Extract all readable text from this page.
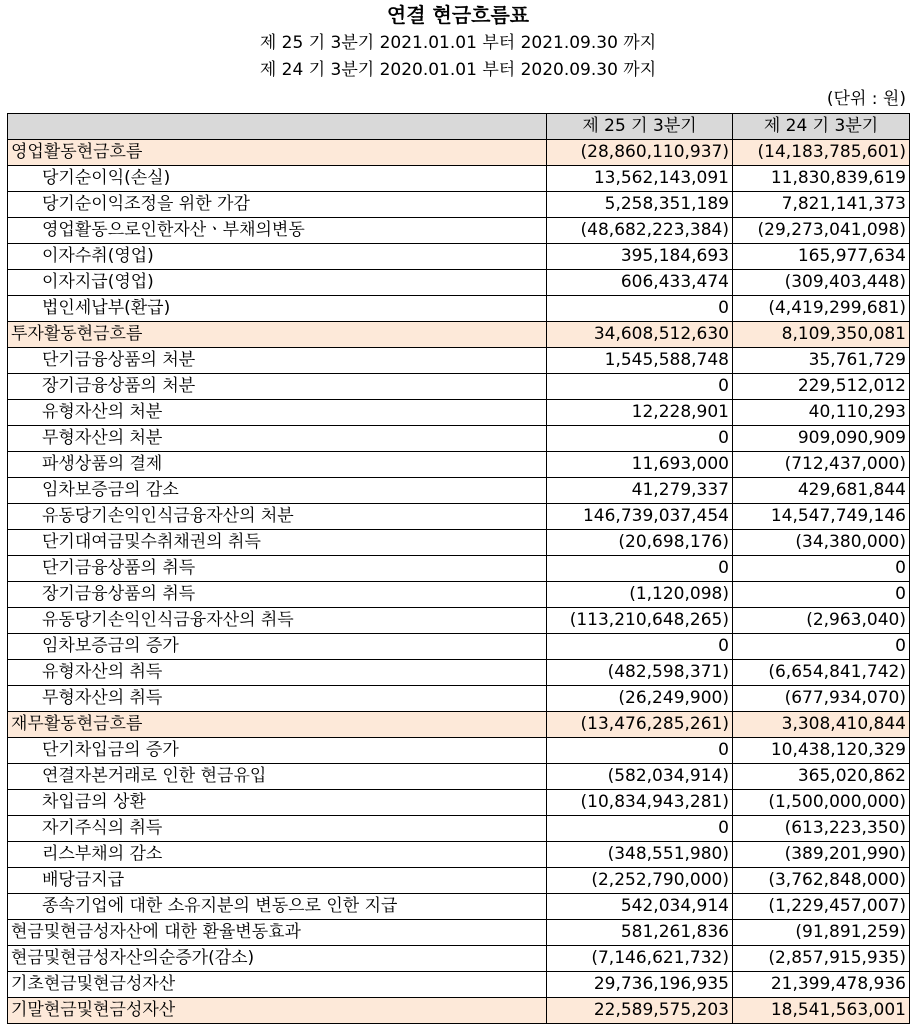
연결 현금흐름표
제 25 기 3분기 2021.01.01 부터 2021.09.30 까지
제 24 기 3분기 2020.01.01 부터 2020.09.30 까지
(단위 : 원)
	제 25 기 3분기	제 24 기 3분기
영업활동현금흐름	(28,860,110,937)	(14,183,785,601)
당기순이익(손실)	13,562,143,091	11,830,839,619
당기순이익조정을 위한 가감	5,258,351,189	7,821,141,373
영업활동으로인한자산ㆍ부채의변동	(48,682,223,384)	(29,273,041,098)
이자수취(영업)	395,184,693	165,977,634
이자지급(영업)	606,433,474	(309,403,448)
법인세납부(환급)	0	(4,419,299,681)
투자활동현금흐름	34,608,512,630	8,109,350,081
단기금융상품의 처분	1,545,588,748	35,761,729
장기금융상품의 처분	0	229,512,012
유형자산의 처분	12,228,901	40,110,293
무형자산의 처분	0	909,090,909
파생상품의 결제	11,693,000	(712,437,000)
임차보증금의 감소	41,279,337	429,681,844
유동당기손익인식금융자산의 처분	146,739,037,454	14,547,749,146
단기대여금및수취채권의 취득	(20,698,176)	(34,380,000)
단기금융상품의 취득	0	0
장기금융상품의 취득	(1,120,098)	0
유동당기손익인식금융자산의 취득	(113,210,648,265)	(2,963,040)
임차보증금의 증가	0	0
유형자산의 취득	(482,598,371)	(6,654,841,742)
무형자산의 취득	(26,249,900)	(677,934,070)
재무활동현금흐름	(13,476,285,261)	3,308,410,844
단기차입금의 증가	0	10,438,120,329
연결자본거래로 인한 현금유입	(582,034,914)	365,020,862
차입금의 상환	(10,834,943,281)	(1,500,000,000)
자기주식의 취득	0	(613,223,350)
리스부채의 감소	(348,551,980)	(389,201,990)
배당금지급	(2,252,790,000)	(3,762,848,000)
종속기업에 대한 소유지분의 변동으로 인한 지급	542,034,914	(1,229,457,007)
현금및현금성자산에 대한 환율변동효과	581,261,836	(91,891,259)
현금및현금성자산의순증가(감소)	(7,146,621,732)	(2,857,915,935)
기초현금및현금성자산	29,736,196,935	21,399,478,936
기말현금및현금성자산	22,589,575,203	18,541,563,001
